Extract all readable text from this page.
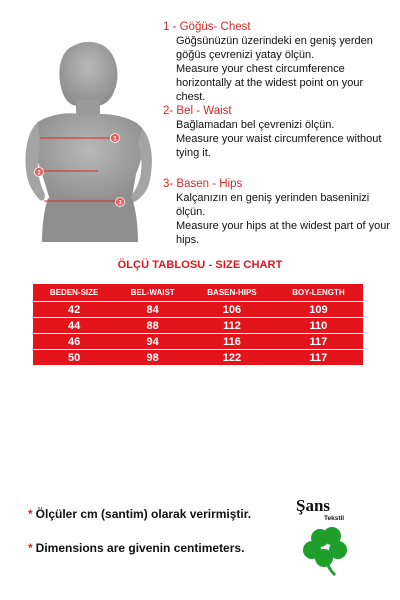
1
2
3
1 - Göğüs- Chest
Göğsünüzün üzerindeki en geniş yerden göğüs çevrenizi yatay ölçün.
Measure your chest circumference horizontally at the widest point on your chest.
2- Bel - Waist
Bağlamadan bel çevrenizi ölçün.
Measure your waist circumference without tying it.
3- Basen - Hips
Kalçanızın en geniş yerinden baseninizi ölçün.
Measure your hips at the widest part of your hips.
ÖLÇÜ TABLOSU - SIZE CHART
BEDEN-SIZE	BEL-WAIST	BASEN-HIPS	BOY-LENGTH
42	84	106	109
44	88	112	110
46	94	116	117
50	98	122	117
* Ölçüler cm (santim) olarak verirmiştir.
* Dimensions are givenin centimeters.
Şans
Tekstil
